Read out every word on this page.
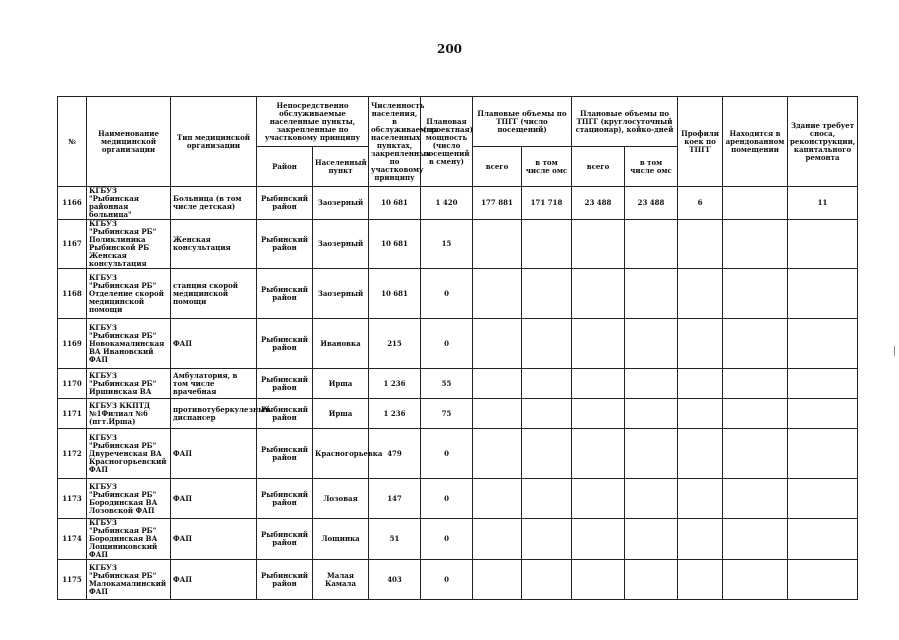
200
№	Наименование медицинской организации	Тип медицинской организации	Непосредственно обслуживаемые населенные пункты, закрепленные по участковому принципу		Численность населения, в обслуживаемых населенных пунктах, закрепленных по участковому принципу	Плановая (проектная) мощность (число посещений в смену)	Плановые объемы по ТПГГ (число посещений)		Плановые объемы по ТПГГ (круглосуточный стационар), койко-дней		Профили коек по ТПГГ	Находится в арендованном помещении	Здание требует сноса, реконструкции, капитального ремонта
			Район	Населенный пункт			всего	в том числе омс	всего	в том числе омс			
1166	КГБУЗ "Рыбинская районная больница"	Больница (в том числе детская)	Рыбинский район	Заозерный	10 681	1 420	177 881	171 718	23 488	23 488	6		11
1167	КГБУЗ "Рыбинская РБ" Поликлиника Рыбинской РБ Женская консультация	Женская консультация	Рыбинский район	Заозерный	10 681	15							
1168	КГБУЗ "Рыбинская РБ" Отделение скорой медицинской помощи	станция скорой медицинской помощи	Рыбинский район	Заозерный	10 681	0							
1169	КГБУЗ "Рыбинская РБ" Новокамалинская ВА Ивановский ФАП	ФАП	Рыбинский район	Ивановка	215	0							
1170	КГБУЗ "Рыбинская РБ" Иршинская ВА	Амбулатория, в том числе врачебная	Рыбинский район	Ирша	1 236	55							
1171	КГБУЗ ККПТД №1Филиал №6 (пгт.Ирша)	противотуберкулезный диспансер	Рыбинский район	Ирша	1 236	75							
1172	КГБУЗ "Рыбинская РБ" Двуреченская ВА Красногорьевский ФАП	ФАП	Рыбинский район	Красногорьевка	479	0							
1173	КГБУЗ "Рыбинская РБ" Бородинская ВА Лозовской ФАП	ФАП	Рыбинский район	Лозовая	147	0							
1174	КГБУЗ "Рыбинская РБ" Бородинская ВА Лощиниковский ФАП	ФАП	Рыбинский район	Лощинка	51	0							
1175	КГБУЗ "Рыбинская РБ" Малокамалинский ФАП	ФАП	Рыбинский район	Малая Камала	403	0							
